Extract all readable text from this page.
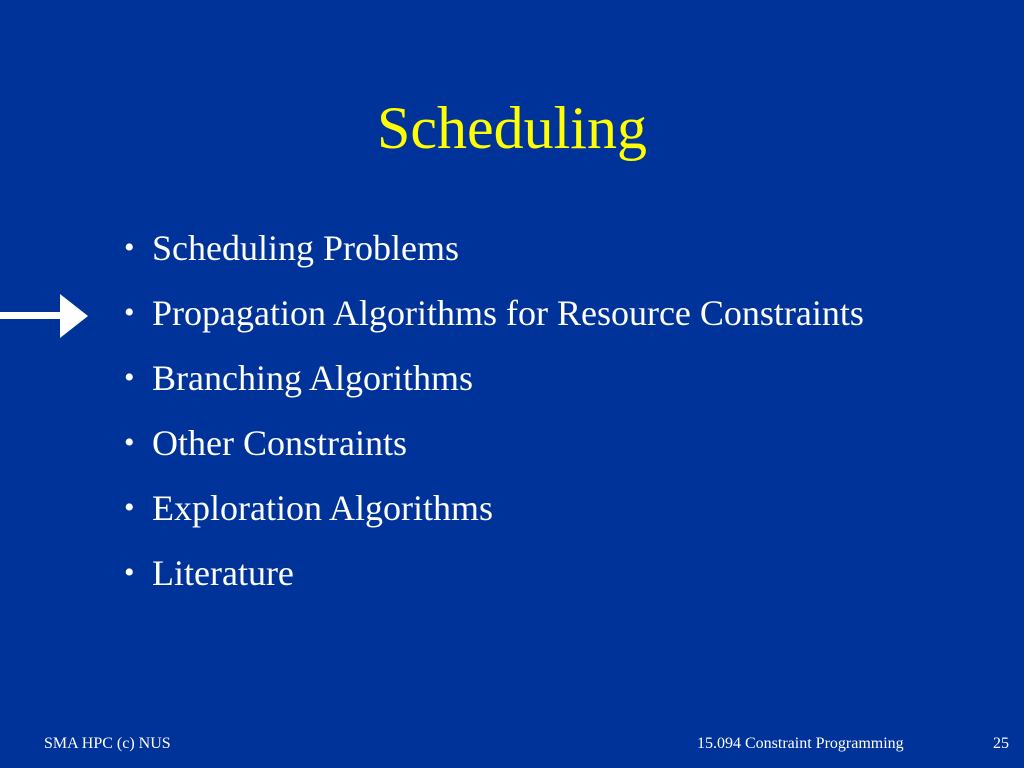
Scheduling
• Scheduling Problems
• Propagation Algorithms for Resource Constraints
• Branching Algorithms
• Other Constraints
• Exploration Algorithms
• Literature
SMA HPC (c) NUS	15.094 Constraint Programming	25
